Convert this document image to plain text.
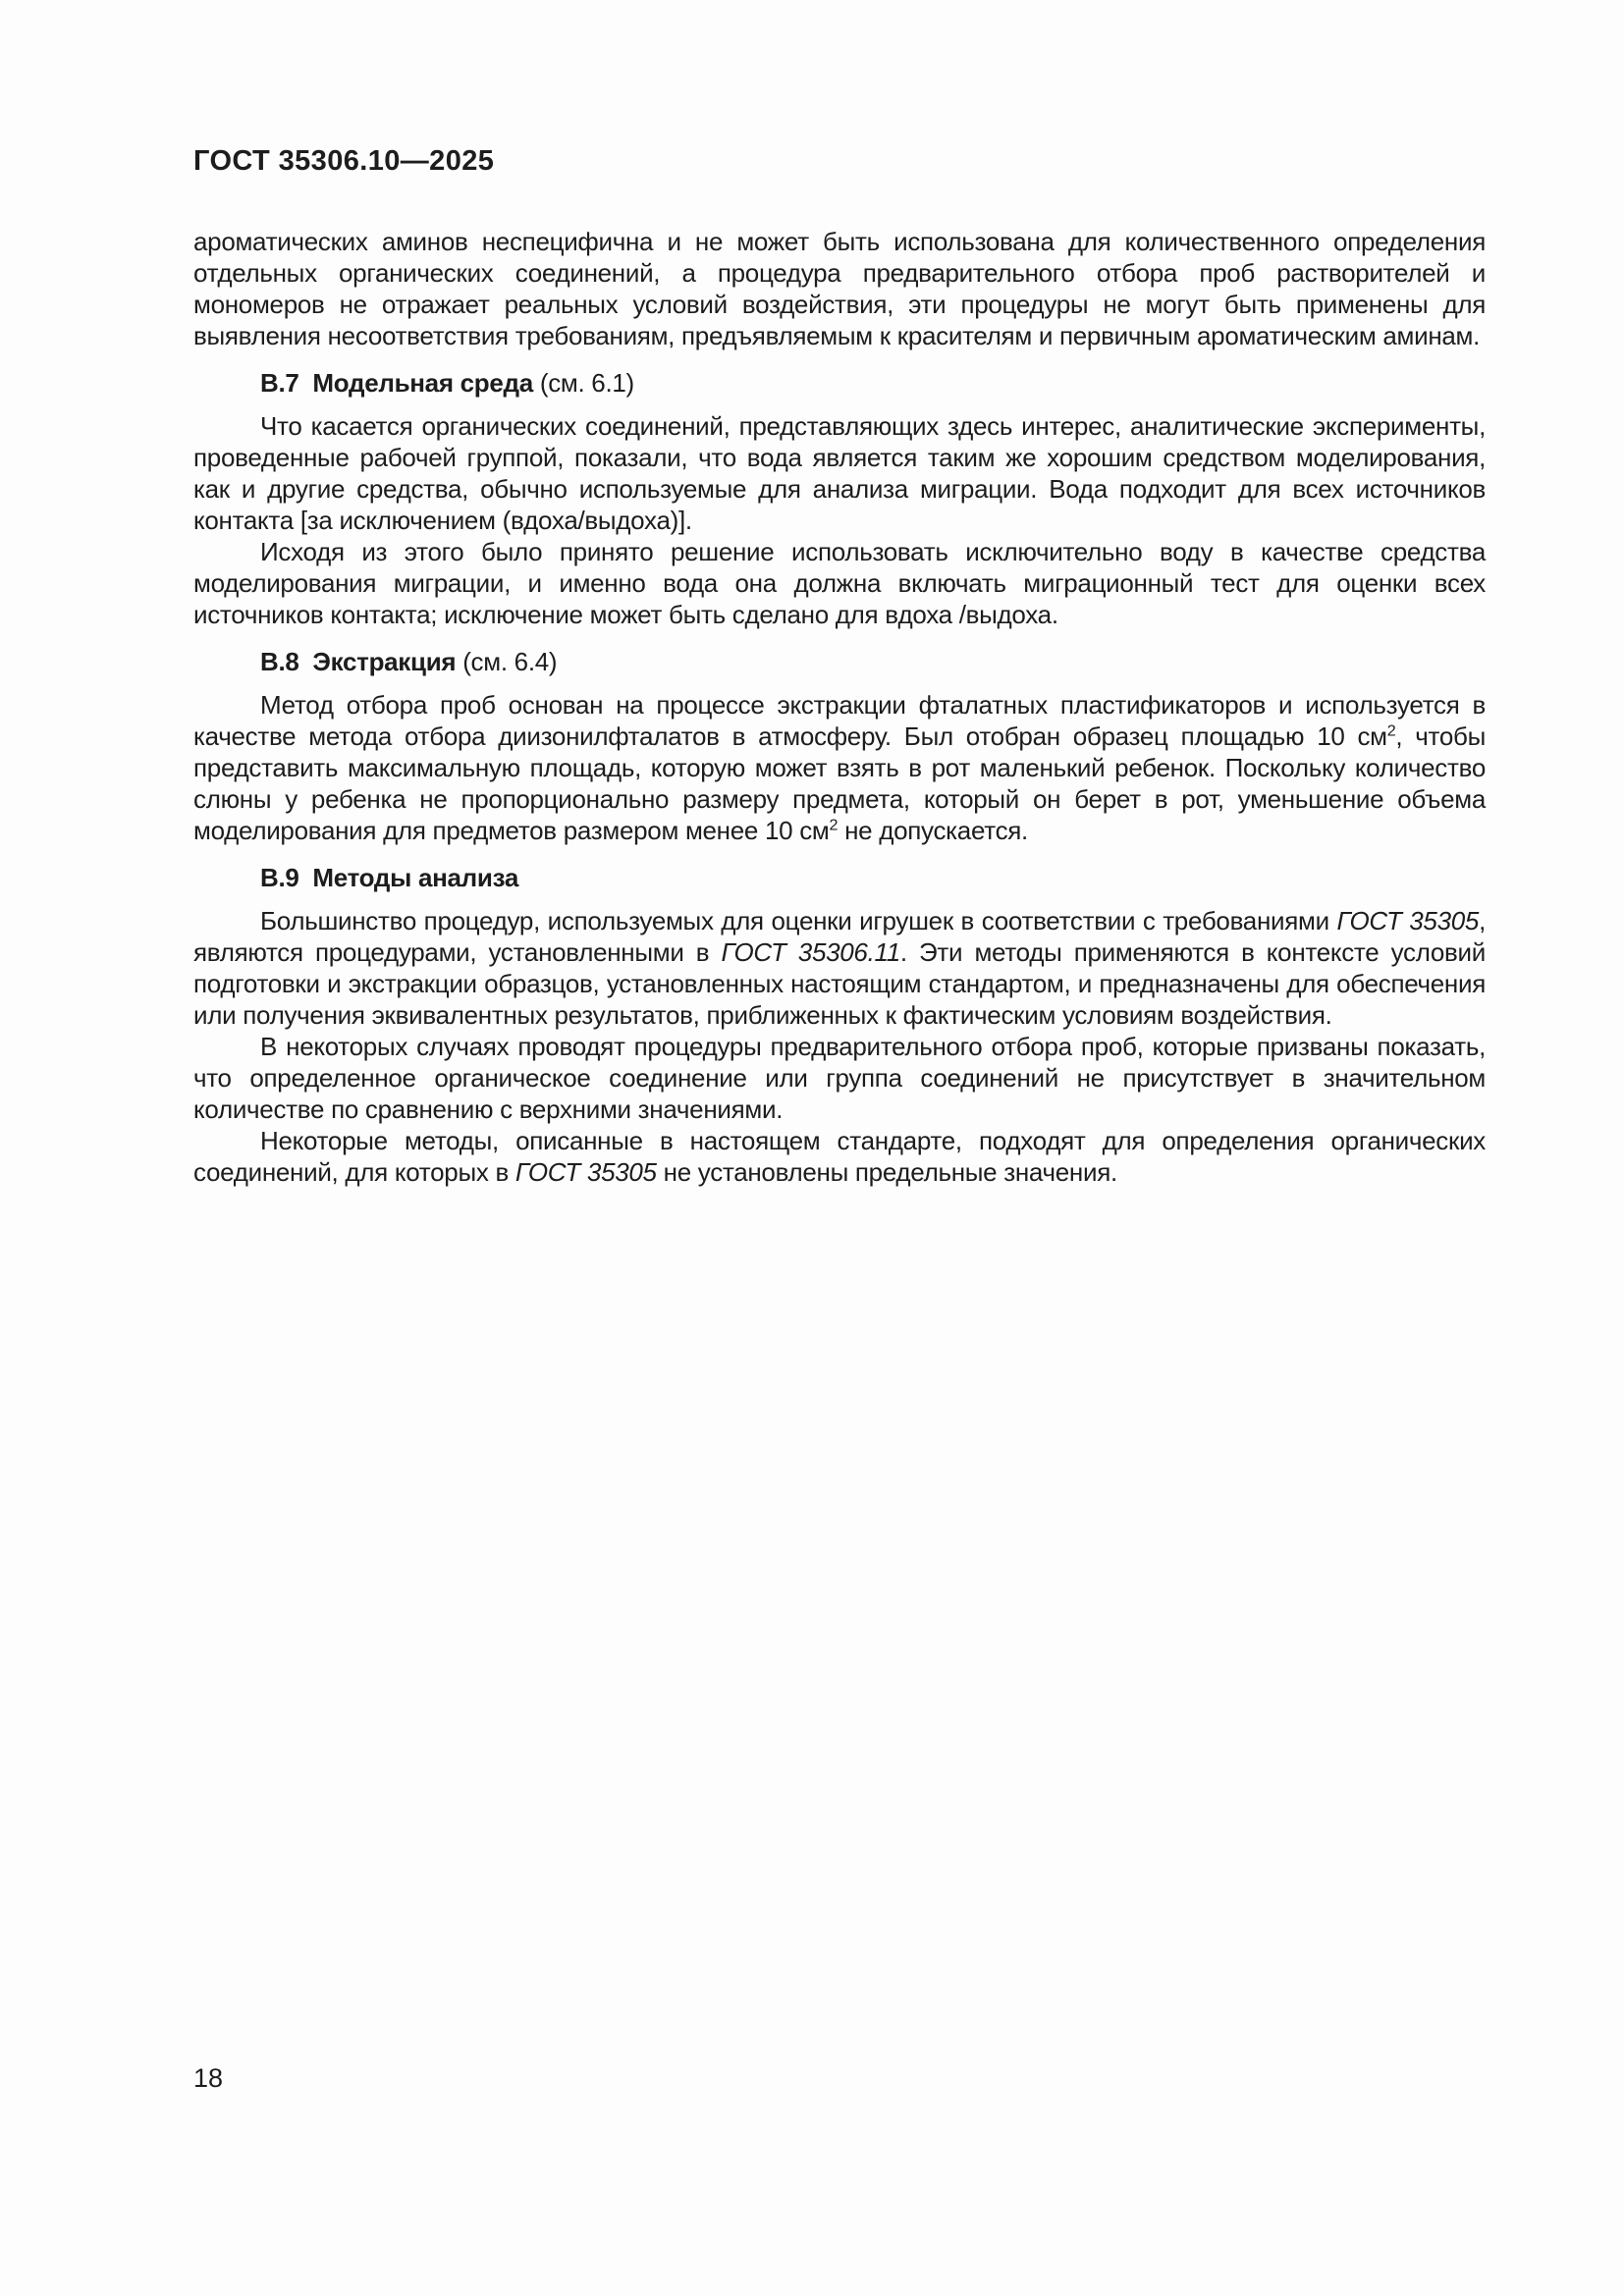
ГОСТ 35306.10—2025
ароматических аминов неспецифична и не может быть использована для количественного определения отдельных органических соединений, а процедура предварительного отбора проб растворителей и мономеров не отражает реальных условий воздействия, эти процедуры не могут быть применены для выявления несоответствия требованиям, предъявляемым к красителям и первичным ароматическим аминам.
В.7  Модельная среда (см. 6.1)
Что касается органических соединений, представляющих здесь интерес, аналитические эксперименты, проведенные рабочей группой, показали, что вода является таким же хорошим средством моделирования, как и другие средства, обычно используемые для анализа миграции. Вода подходит для всех источников контакта [за исключением (вдоха/выдоха)].
Исходя из этого было принято решение использовать исключительно воду в качестве средства моделирования миграции, и именно вода она должна включать миграционный тест для оценки всех источников контакта; исключение может быть сделано для вдоха /выдоха.
В.8  Экстракция (см. 6.4)
Метод отбора проб основан на процессе экстракции фталатных пластификаторов и используется в качестве метода отбора диизонилфталатов в атмосферу. Был отобран образец площадью 10 $см^2$, чтобы представить максимальную площадь, которую может взять в рот маленький ребенок. Поскольку количество слюны у ребенка не пропорционально размеру предмета, который он берет в рот, уменьшение объема моделирования для предметов размером менее 10 $см^2$ не допускается.
В.9  Методы анализа
Большинство процедур, используемых для оценки игрушек в соответствии с требованиями ГОСТ 35305, являются процедурами, установленными в ГОСТ 35306.11. Эти методы применяются в контексте условий подготовки и экстракции образцов, установленных настоящим стандартом, и предназначены для обеспечения или получения эквивалентных результатов, приближенных к фактическим условиям воздействия.
В некоторых случаях проводят процедуры предварительного отбора проб, которые призваны показать, что определенное органическое соединение или группа соединений не присутствует в значительном количестве по сравнению с верхними значениями.
Некоторые методы, описанные в настоящем стандарте, подходят для определения органических соединений, для которых в ГОСТ 35305 не установлены предельные значения.
18
